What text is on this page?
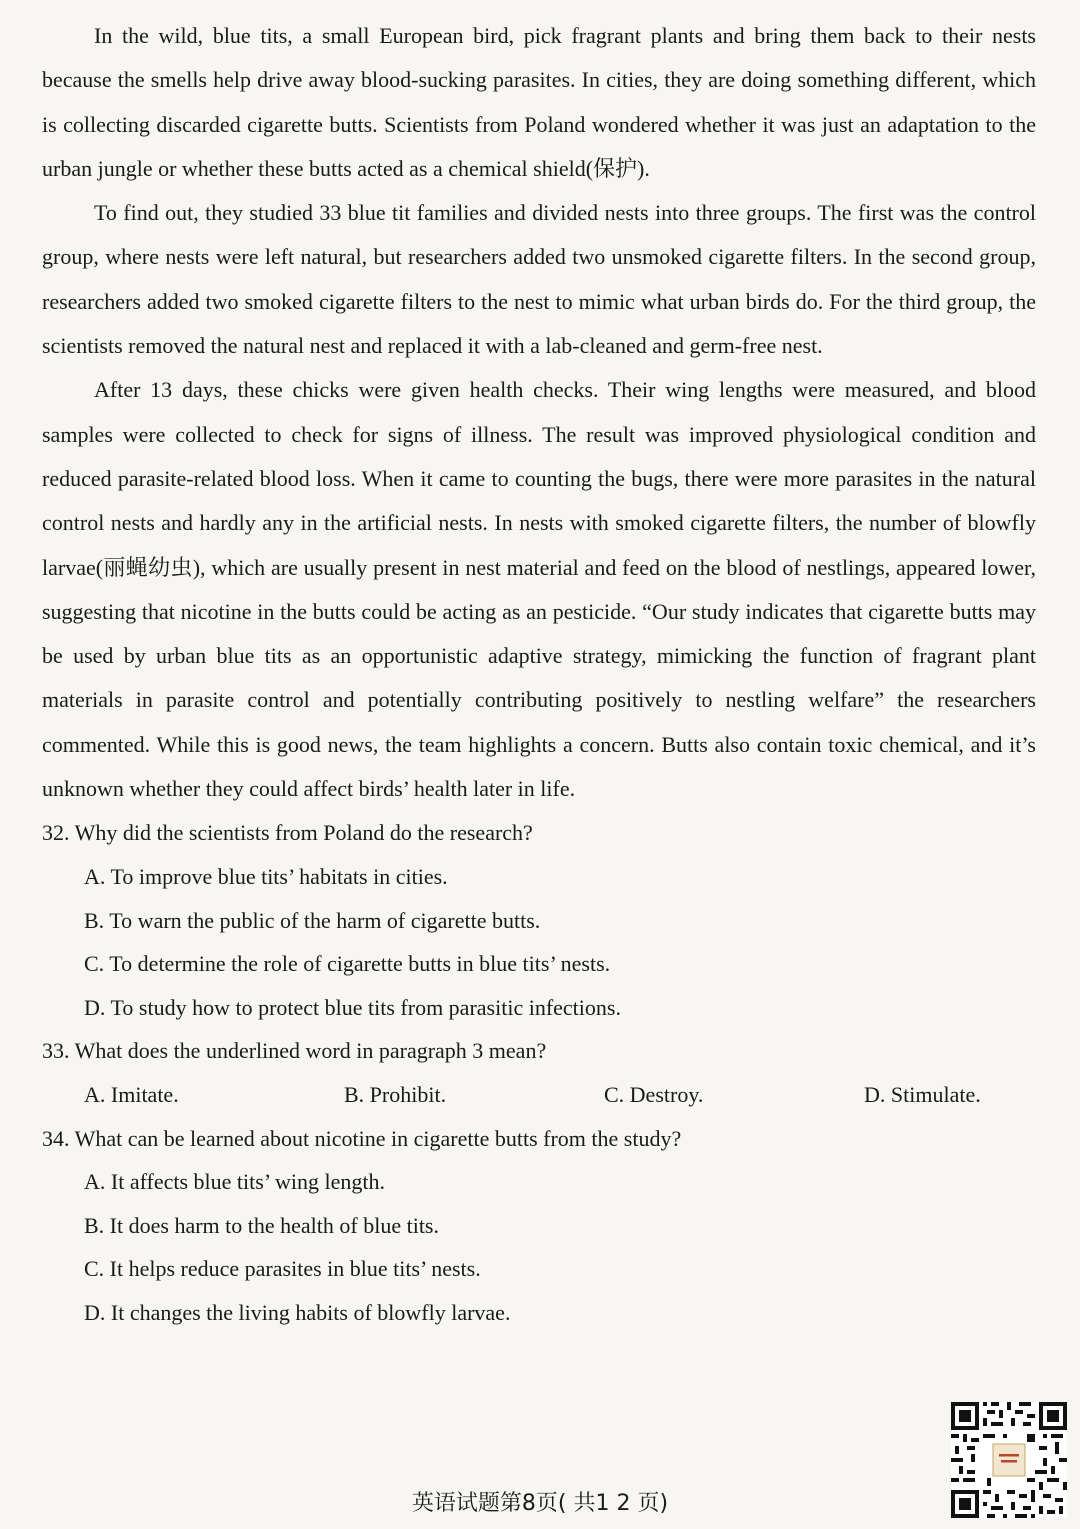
In the wild, blue tits, a small European bird, pick fragrant plants and bring them back to their nests because the smells help drive away blood-sucking parasites. In cities, they are doing something different, which is collecting discarded cigarette butts. Scientists from Poland wondered whether it was just an adaptation to the urban jungle or whether these butts acted as a chemical shield(保护).

To find out, they studied 33 blue tit families and divided nests into three groups. The first was the control group, where nests were left natural, but researchers added two unsmoked cigarette filters. In the second group, researchers added two smoked cigarette filters to the nest to mimic what urban birds do. For the third group, the scientists removed the natural nest and replaced it with a lab-cleaned and germ-free nest.

After 13 days, these chicks were given health checks. Their wing lengths were measured, and blood samples were collected to check for signs of illness. The result was improved physiological condition and reduced parasite-related blood loss. When it came to counting the bugs, there were more parasites in the natural control nests and hardly any in the artificial nests. In nests with smoked cigarette filters, the number of blowfly larvae(丽蝇幼虫), which are usually present in nest material and feed on the blood of nestlings, appeared lower, suggesting that nicotine in the butts could be acting as an pesticide. “Our study indicates that cigarette butts may be used by urban blue tits as an opportunistic adaptive strategy, mimicking the function of fragrant plant materials in parasite control and potentially contributing positively to nestling welfare” the researchers commented. While this is good news, the team highlights a concern. Butts also contain toxic chemical, and it’s unknown whether they could affect birds’ health later in life.

32. Why did the scientists from Poland do the research?
A. To improve blue tits’ habitats in cities.
B. To warn the public of the harm of cigarette butts.
C. To determine the role of cigarette butts in blue tits’ nests.
D. To study how to protect blue tits from parasitic infections.
33. What does the underlined word in paragraph 3 mean?
A. Imitate.	B. Prohibit.	C. Destroy.	D. Stimulate.
34. What can be learned about nicotine in cigarette butts from the study?
A. It affects blue tits’ wing length.
B. It does harm to the health of blue tits.
C. It helps reduce parasites in blue tits’ nests.
D. It changes the living habits of blowfly larvae.
英语试题第8页( 共1 2 页)
